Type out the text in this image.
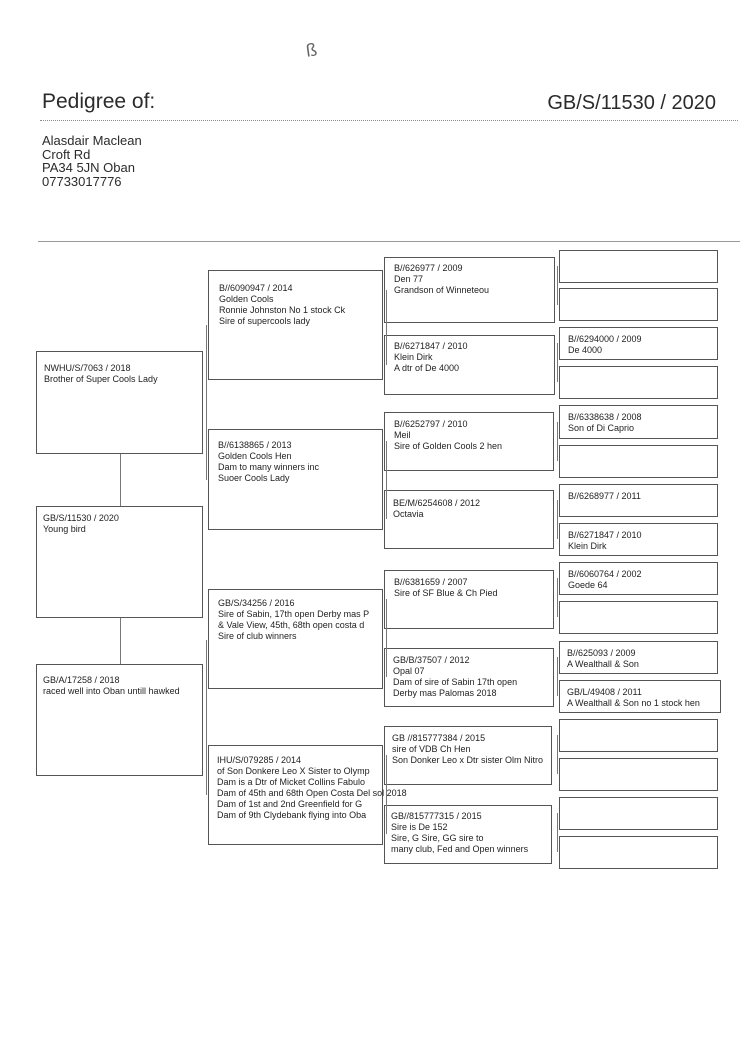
ß
Pedigree of:	GB/S/11530 / 2020
Alasdair Maclean
Croft Rd
PA34 5JN Oban
07733017776
NWHU/S/7063 / 2018
Brother of Super Cools Lady
GB/S/11530 / 2020
Young bird
GB/A/17258 / 2018
raced well into Oban untill hawked
B//6090947 / 2014
Golden Cools
Ronnie Johnston No 1 stock Ck
Sire of supercools lady
B//6138865 / 2013
Golden Cools Hen
Dam to many winners inc
Suoer Cools Lady
GB/S/34256 / 2016
Sire of Sabin, 17th open Derby mas P
& Vale View, 45th, 68th open costa d
Sire of club winners
IHU/S/079285 / 2014
of Son Donkere Leo X Sister to Olymp
Dam is a Dtr of Micket Collins Fabulo
Dam of 45th and 68th Open Costa Del sol 2018
Dam of 1st and 2nd Greenfield for G
Dam of 9th Clydebank flying into Oba
B//626977 / 2009
Den 77
Grandson of Winneteou
B//6271847 / 2010
Klein Dirk
A dtr of De 4000
B//6252797 / 2010
Meil
Sire of Golden Cools 2 hen
BE/M/6254608 / 2012
Octavia
B//6381659 / 2007
Sire of SF Blue & Ch Pied
GB/B/37507 / 2012
Opal 07
Dam of sire of Sabin 17th open
Derby mas Palomas 2018
GB //815777384 / 2015
sire of VDB Ch Hen
Son Donker Leo x Dtr sister Olm Nitro
GB//815777315 / 2015
Sire is De 152
Sire, G Sire, GG sire to
many club, Fed and Open winners
B//6294000 / 2009
De 4000
B//6338638 / 2008
Son of Di Caprio
B//6268977 / 2011
B//6271847 / 2010
Klein Dirk
B//6060764 / 2002
Goede 64
B//625093 / 2009
A Wealthall & Son
GB/L/49408 / 2011
A Wealthall & Son no 1 stock hen
